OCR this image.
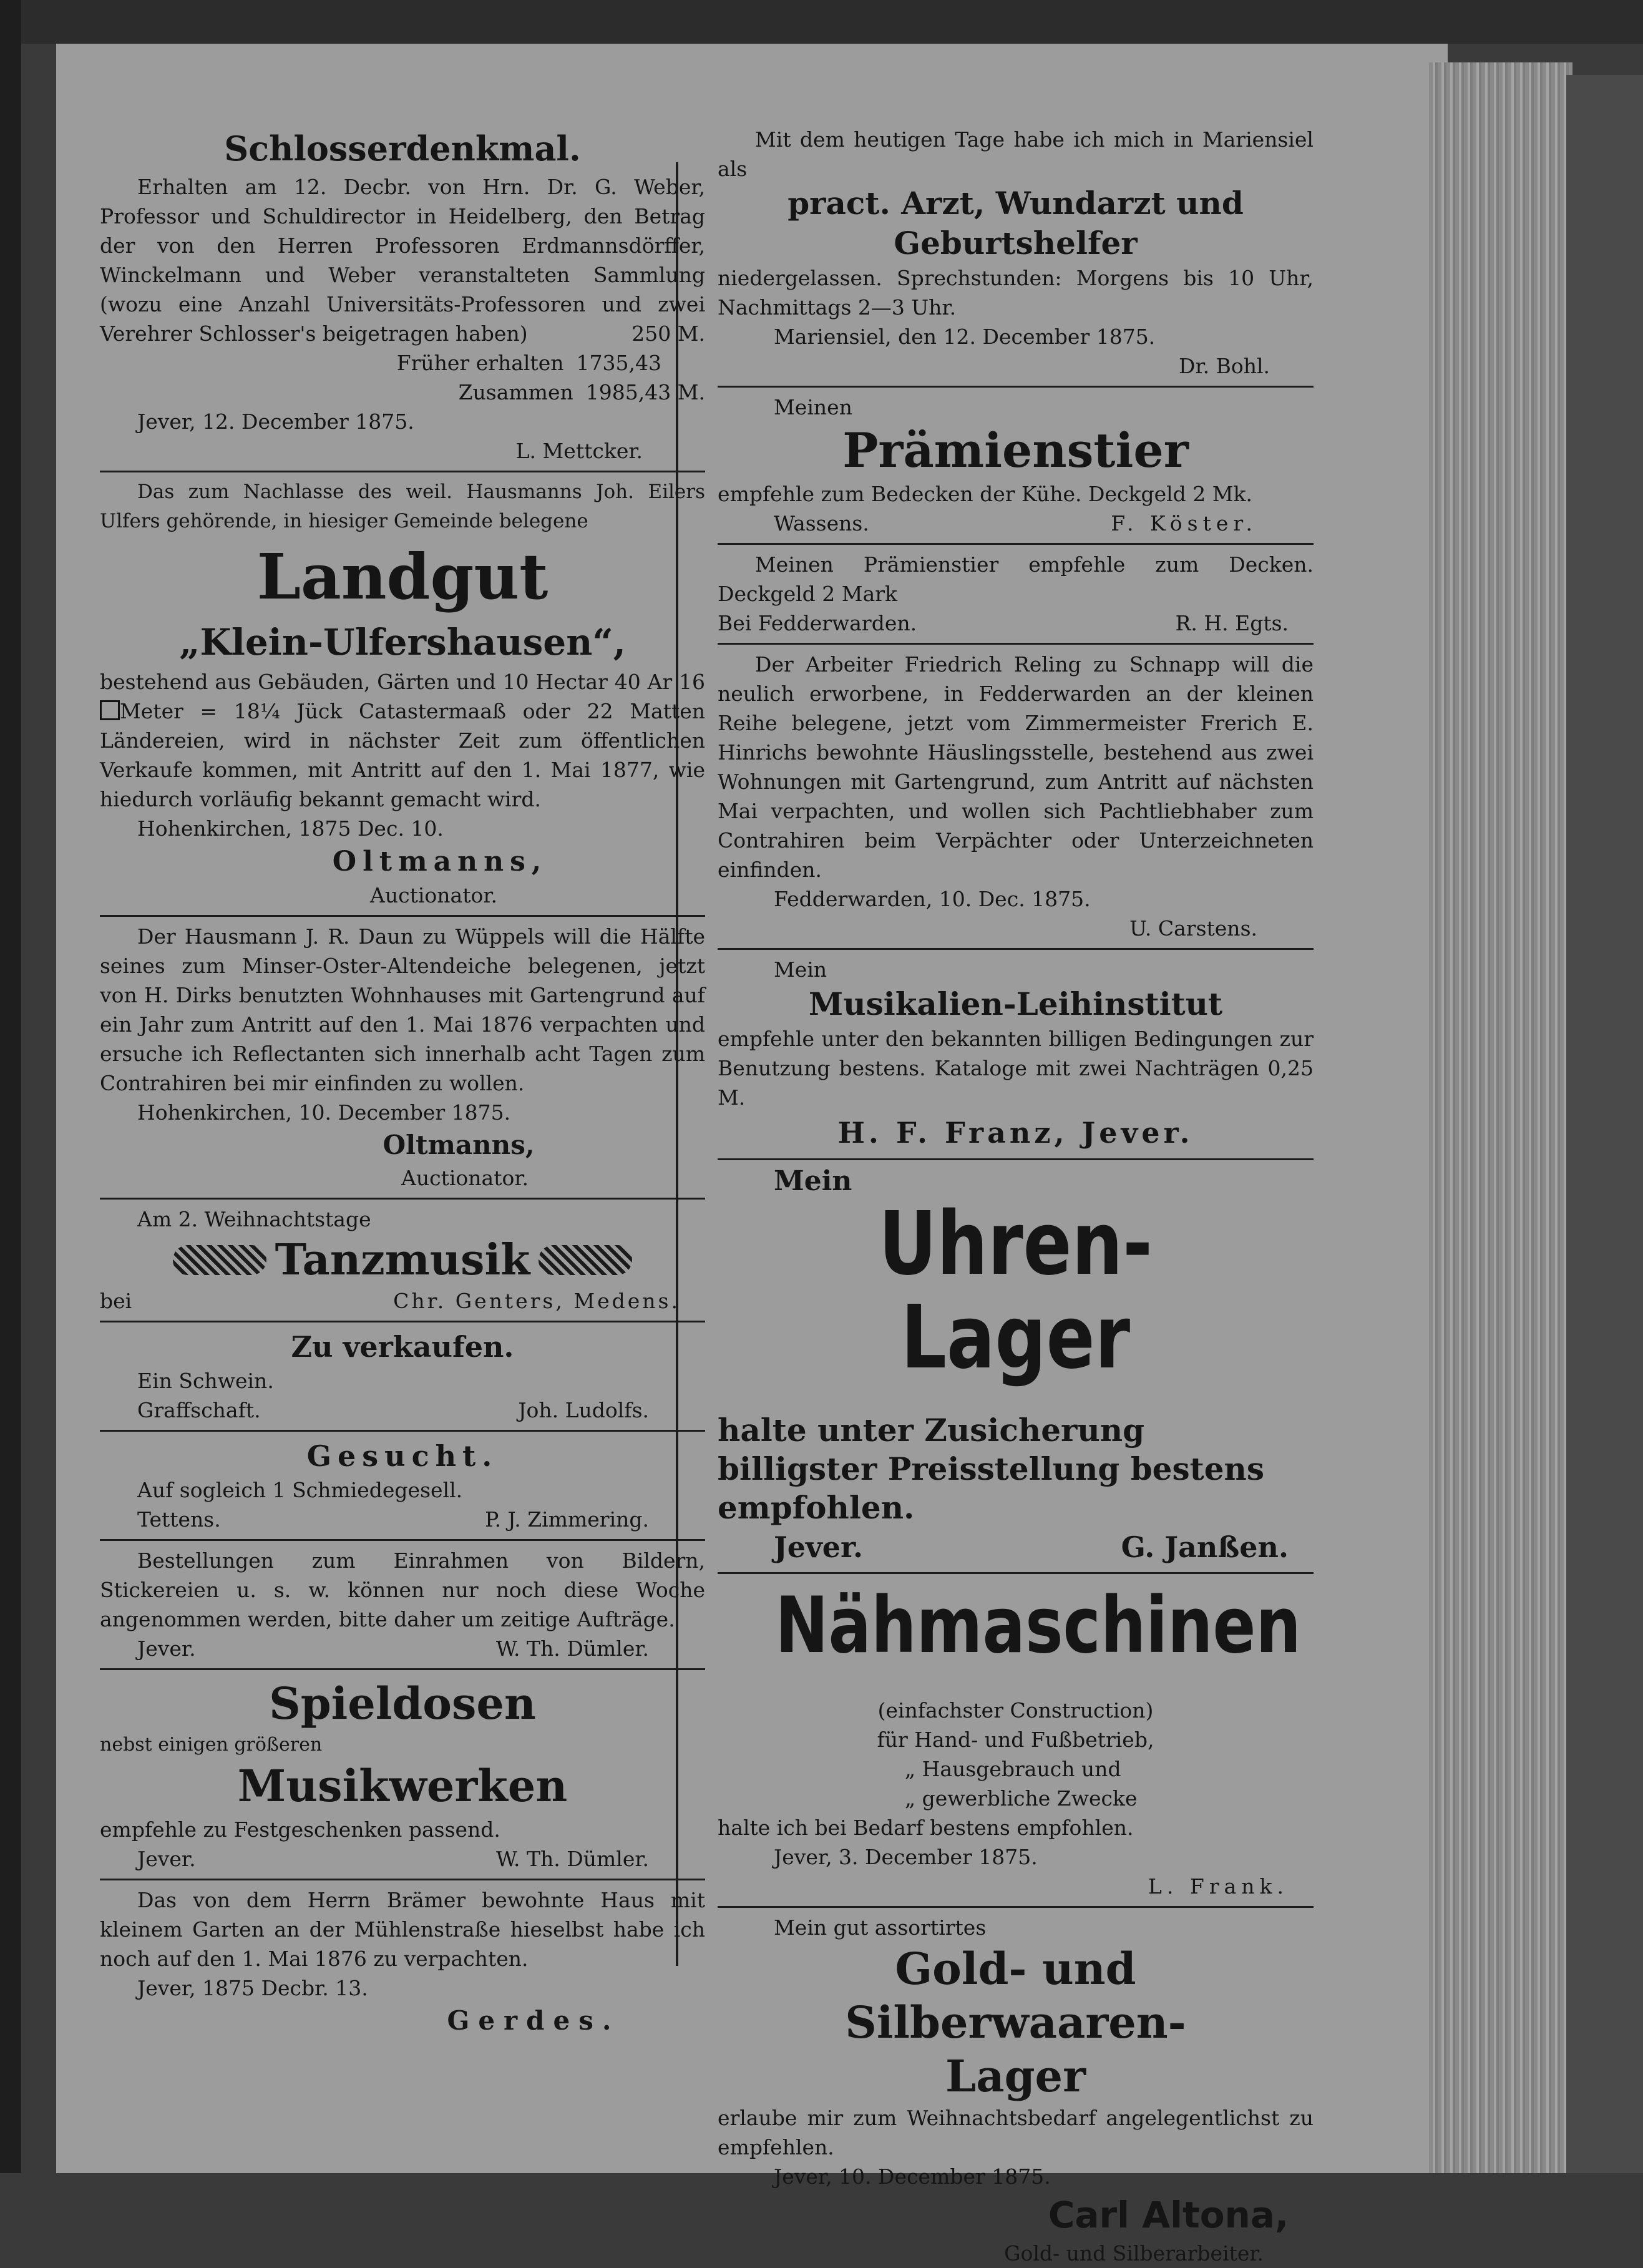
Schlosserdenkmal.

Erhalten am 12. Decbr. von Hrn. Dr. G. Weber, Professor und Schuldirector in Heidelberg, den Betrag der von den Herren Professoren Erdmannsdörffer, Winckelmann und Weber veranstalteten Sammlung (wozu eine Anzahl Universitäts-Professoren und zwei Verehrer Schlosser's beigetragen haben)	250 M.

Früher erhalten 1735,43
Zusammen 1985,43 M.

Jever, 12. December 1875.

L. Mettcker.

Das zum Nachlasse des weil. Hausmanns Joh. Eilers Ulfers gehörende, in hiesiger Gemeinde belegene

Landgut

„Klein-Ulfershausen“,

bestehend aus Gebäuden, Gärten und 10 Hectar 40 Ar 16 Meter = 18¼ Jück Catastermaaß oder 22 Matten Ländereien, wird in nächster Zeit zum öffentlichen Verkaufe kommen, mit Antritt auf den 1. Mai 1877, wie hiedurch vorläufig bekannt gemacht wird.

Hohenkirchen, 1875 Dec. 10.

Oltmanns,

Auctionator.

Der Hausmann J. R. Daun zu Wüppels will die Hälfte seines zum Minser-Oster-Altendeiche belegenen, jetzt von H. Dirks benutzten Wohnhauses mit Gartengrund auf ein Jahr zum Antritt auf den 1. Mai 1876 verpachten und ersuche ich Reflectanten sich innerhalb acht Tagen zum Contrahiren bei mir einfinden zu wollen.

Hohenkirchen, 10. December 1875.

Oltmanns,

Auctionator.

Am 2. Weihnachtstage

Tanzmusik
bei	Chr. Genters, Medens.

Zu verkaufen.

Ein Schwein.

Graffschaft.	Joh. Ludolfs.

Gesucht.

Auf sogleich 1 Schmiedegesell.

Tettens.	P. J. Zimmering.

Bestellungen zum Einrahmen von Bildern, Stickereien u. s. w. können nur noch diese Woche angenommen werden, bitte daher um zeitige Aufträge.

Jever.	W. Th. Dümler.

Spieldosen

nebst einigen größeren

Musikwerken

empfehle zu Festgeschenken passend.

Jever.	W. Th. Dümler.

Das von dem Herrn Brämer bewohnte Haus mit kleinem Garten an der Mühlenstraße hieselbst habe ich noch auf den 1. Mai 1876 zu verpachten.

Jever, 1875 Decbr. 13.

Gerdes.

Mit dem heutigen Tage habe ich mich in Mariensiel als

pract. Arzt, Wundarzt und Geburtshelfer

niedergelassen. Sprechstunden: Morgens bis 10 Uhr, Nachmittags 2—3 Uhr.

Mariensiel, den 12. December 1875.

Dr. Bohl.

Meinen

Prämienstier

empfehle zum Bedecken der Kühe. Deckgeld 2 Mk.

Wassens.	F. Köster.

Meinen Prämienstier empfehle zum Decken. Deckgeld 2 Mark

Bei Fedderwarden.	R. H. Egts.

Der Arbeiter Friedrich Reling zu Schnapp will die neulich erworbene, in Fedderwarden an der kleinen Reihe belegene, jetzt vom Zimmermeister Frerich E. Hinrichs bewohnte Häuslingsstelle, bestehend aus zwei Wohnungen mit Gartengrund, zum Antritt auf nächsten Mai verpachten, und wollen sich Pachtliebhaber zum Contrahiren beim Verpächter oder Unterzeichneten einfinden.

Fedderwarden, 10. Dec. 1875.

U. Carstens.

Mein

Musikalien-Leihinstitut

empfehle unter den bekannten billigen Bedingungen zur Benutzung bestens. Kataloge mit zwei Nachträgen 0,25 M.

H. F. Franz, Jever.

Mein

Uhren-Lager

halte unter Zusicherung billigster Preisstellung bestens empfohlen.

Jever.	G. Janßen.

Nähmaschinen

(einfachster Construction)

für Hand- und Fußbetrieb,

„ Hausgebrauch und

„ gewerbliche Zwecke

halte ich bei Bedarf bestens empfohlen.

Jever, 3. December 1875.

L. Frank.

Mein gut assortirtes

Gold- und Silberwaaren-

Lager

erlaube mir zum Weihnachtsbedarf angelegentlichst zu empfehlen.

Jever, 10. December 1875.

Carl Altona,

Gold- und Silberarbeiter.
